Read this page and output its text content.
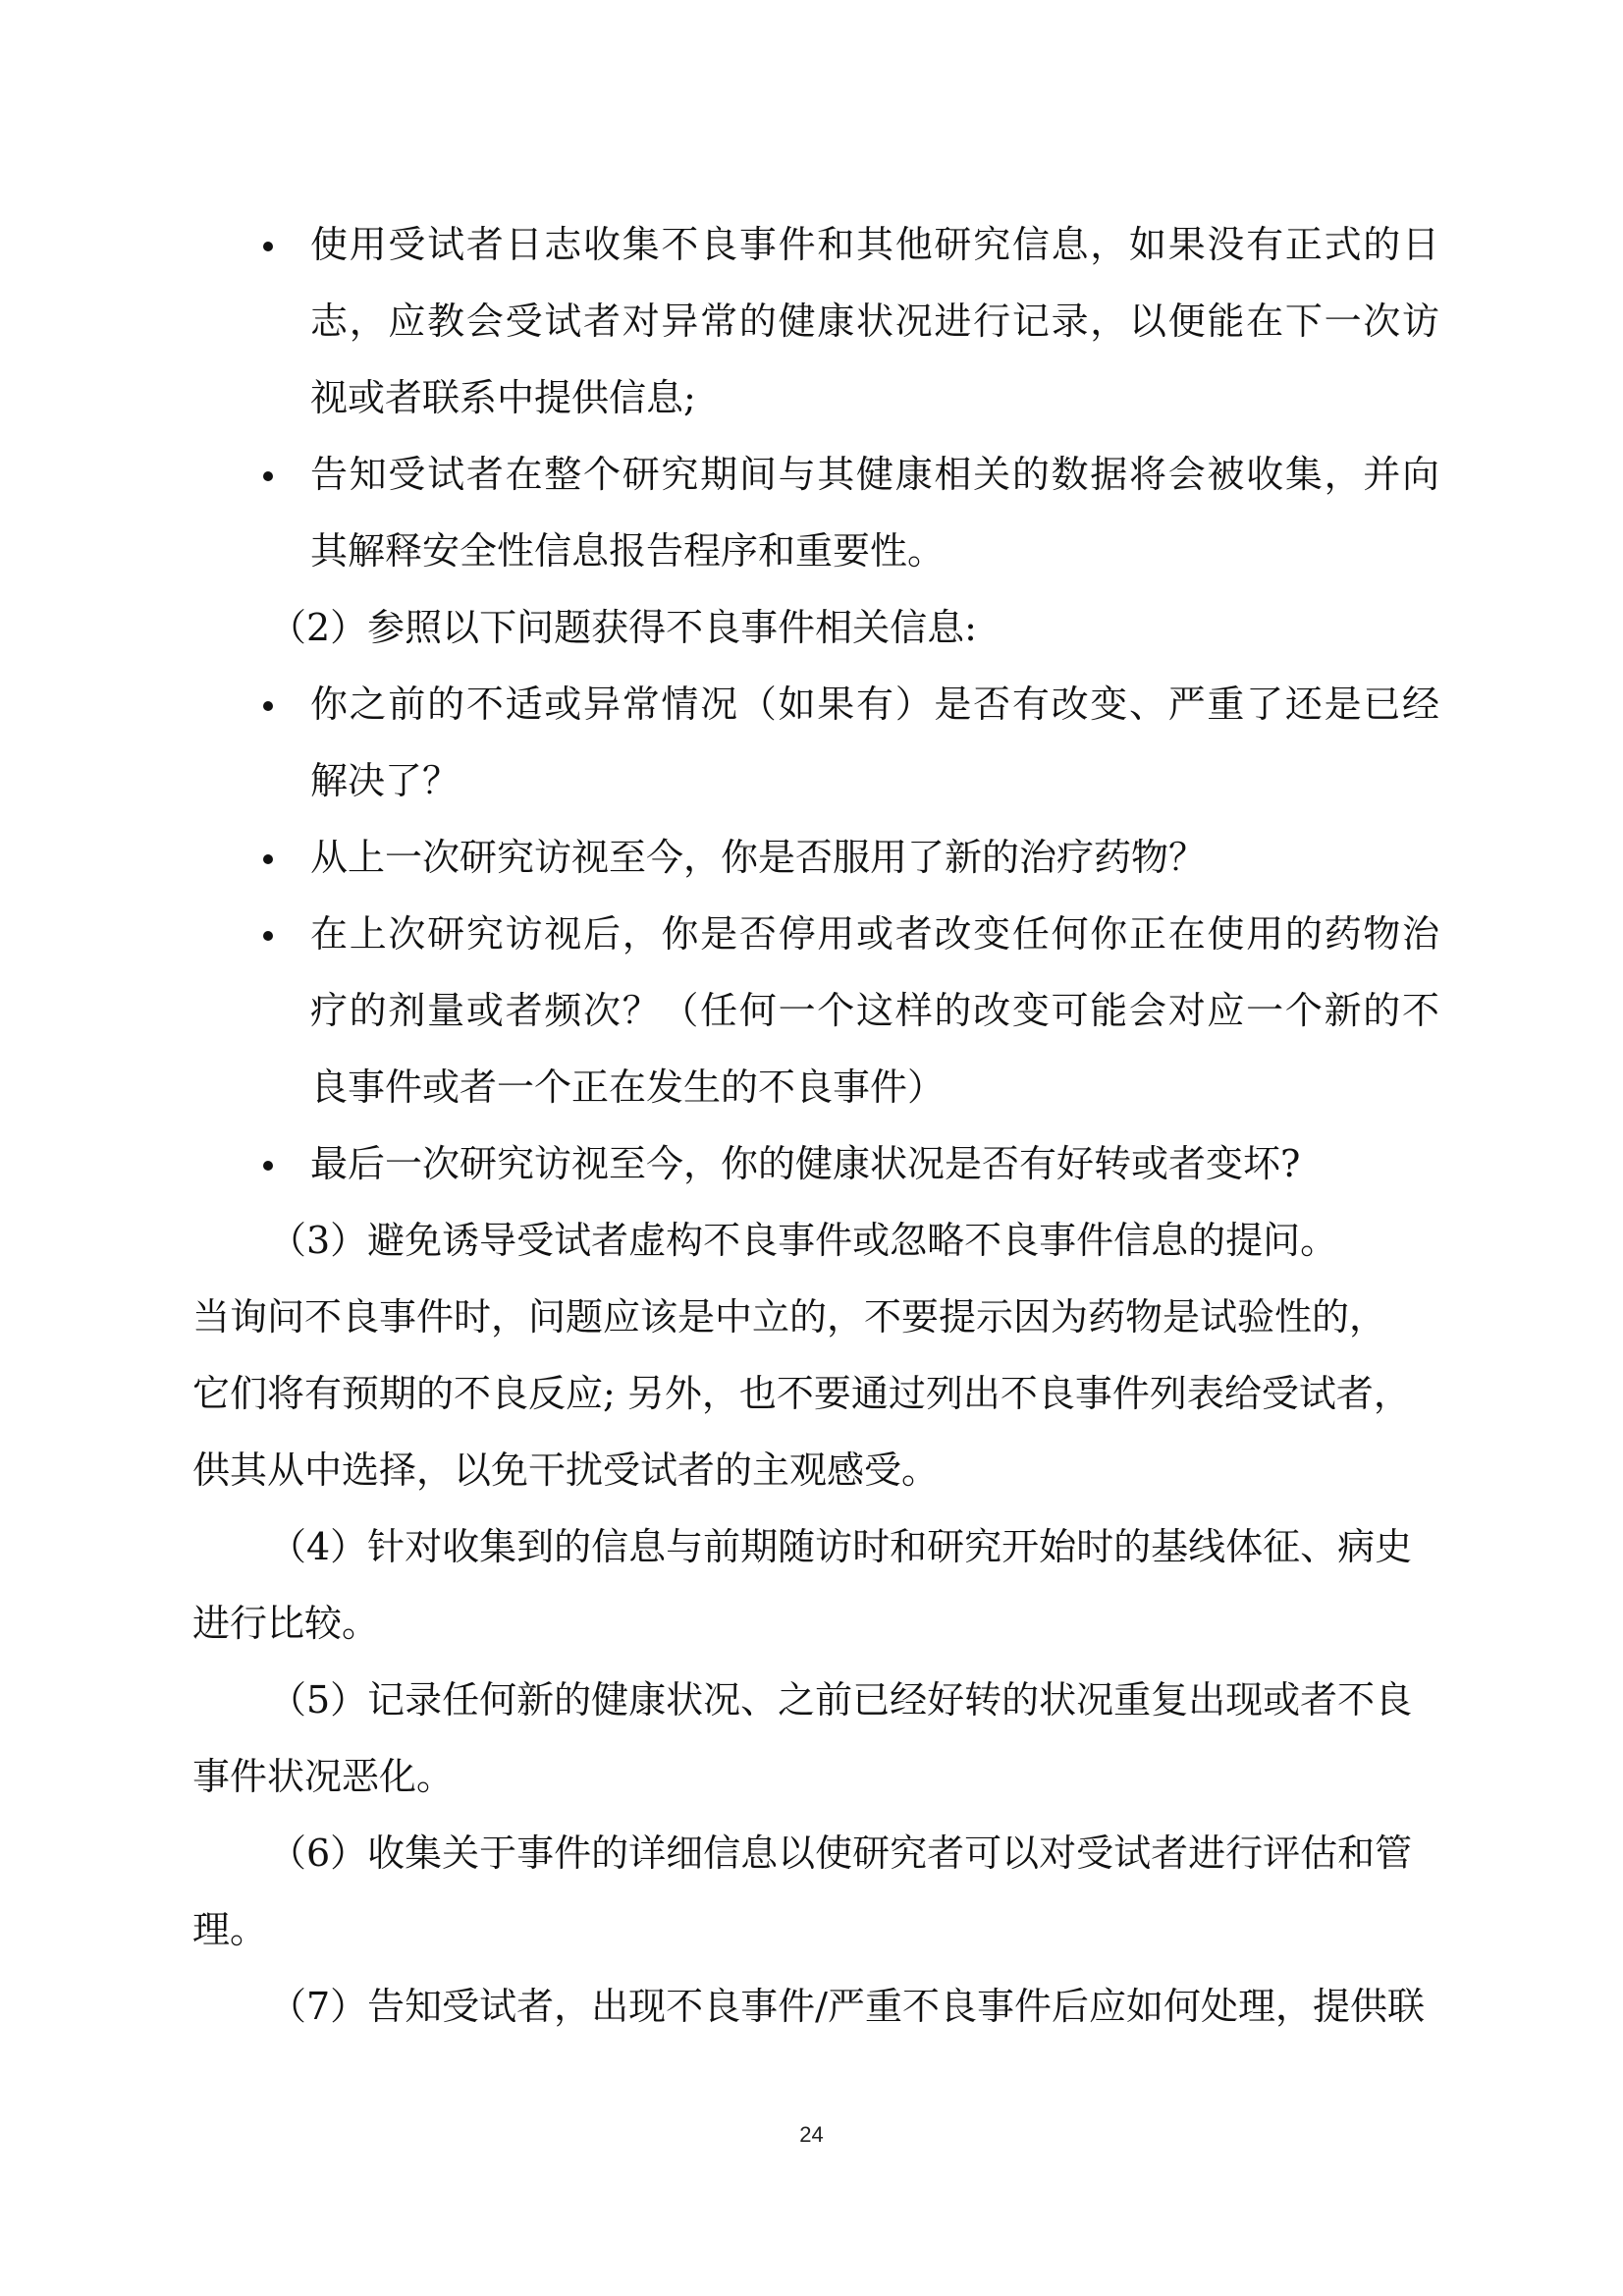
使用受试者日志收集不良事件和其他研究信息，如果没有正式的日
志，应教会受试者对异常的健康状况进行记录，以便能在下一次访
视或者联系中提供信息;
告知受试者在整个研究期间与其健康相关的数据将会被收集，并向
其解释安全性信息报告程序和重要性。
（2）参照以下问题获得不良事件相关信息:
你之前的不适或异常情况（如果有）是否有改变、严重了还是已经
解决了？
从上一次研究访视至今，你是否服用了新的治疗药物？
在上次研究访视后，你是否停用或者改变任何你正在使用的药物治
疗的剂量或者频次？（任何一个这样的改变可能会对应一个新的不
良事件或者一个正在发生的不良事件）
最后一次研究访视至今，你的健康状况是否有好转或者变坏?
（3）避免诱导受试者虚构不良事件或忽略不良事件信息的提问。
当询问不良事件时，问题应该是中立的，不要提示因为药物是试验性的，
它们将有预期的不良反应; 另外，也不要通过列出不良事件列表给受试者，
供其从中选择，以免干扰受试者的主观感受。
（4）针对收集到的信息与前期随访时和研究开始时的基线体征、病史
进行比较。
（5）记录任何新的健康状况、之前已经好转的状况重复出现或者不良
事件状况恶化。
（6）收集关于事件的详细信息以使研究者可以对受试者进行评估和管
理。
（7）告知受试者，出现不良事件/严重不良事件后应如何处理，提供联
24
